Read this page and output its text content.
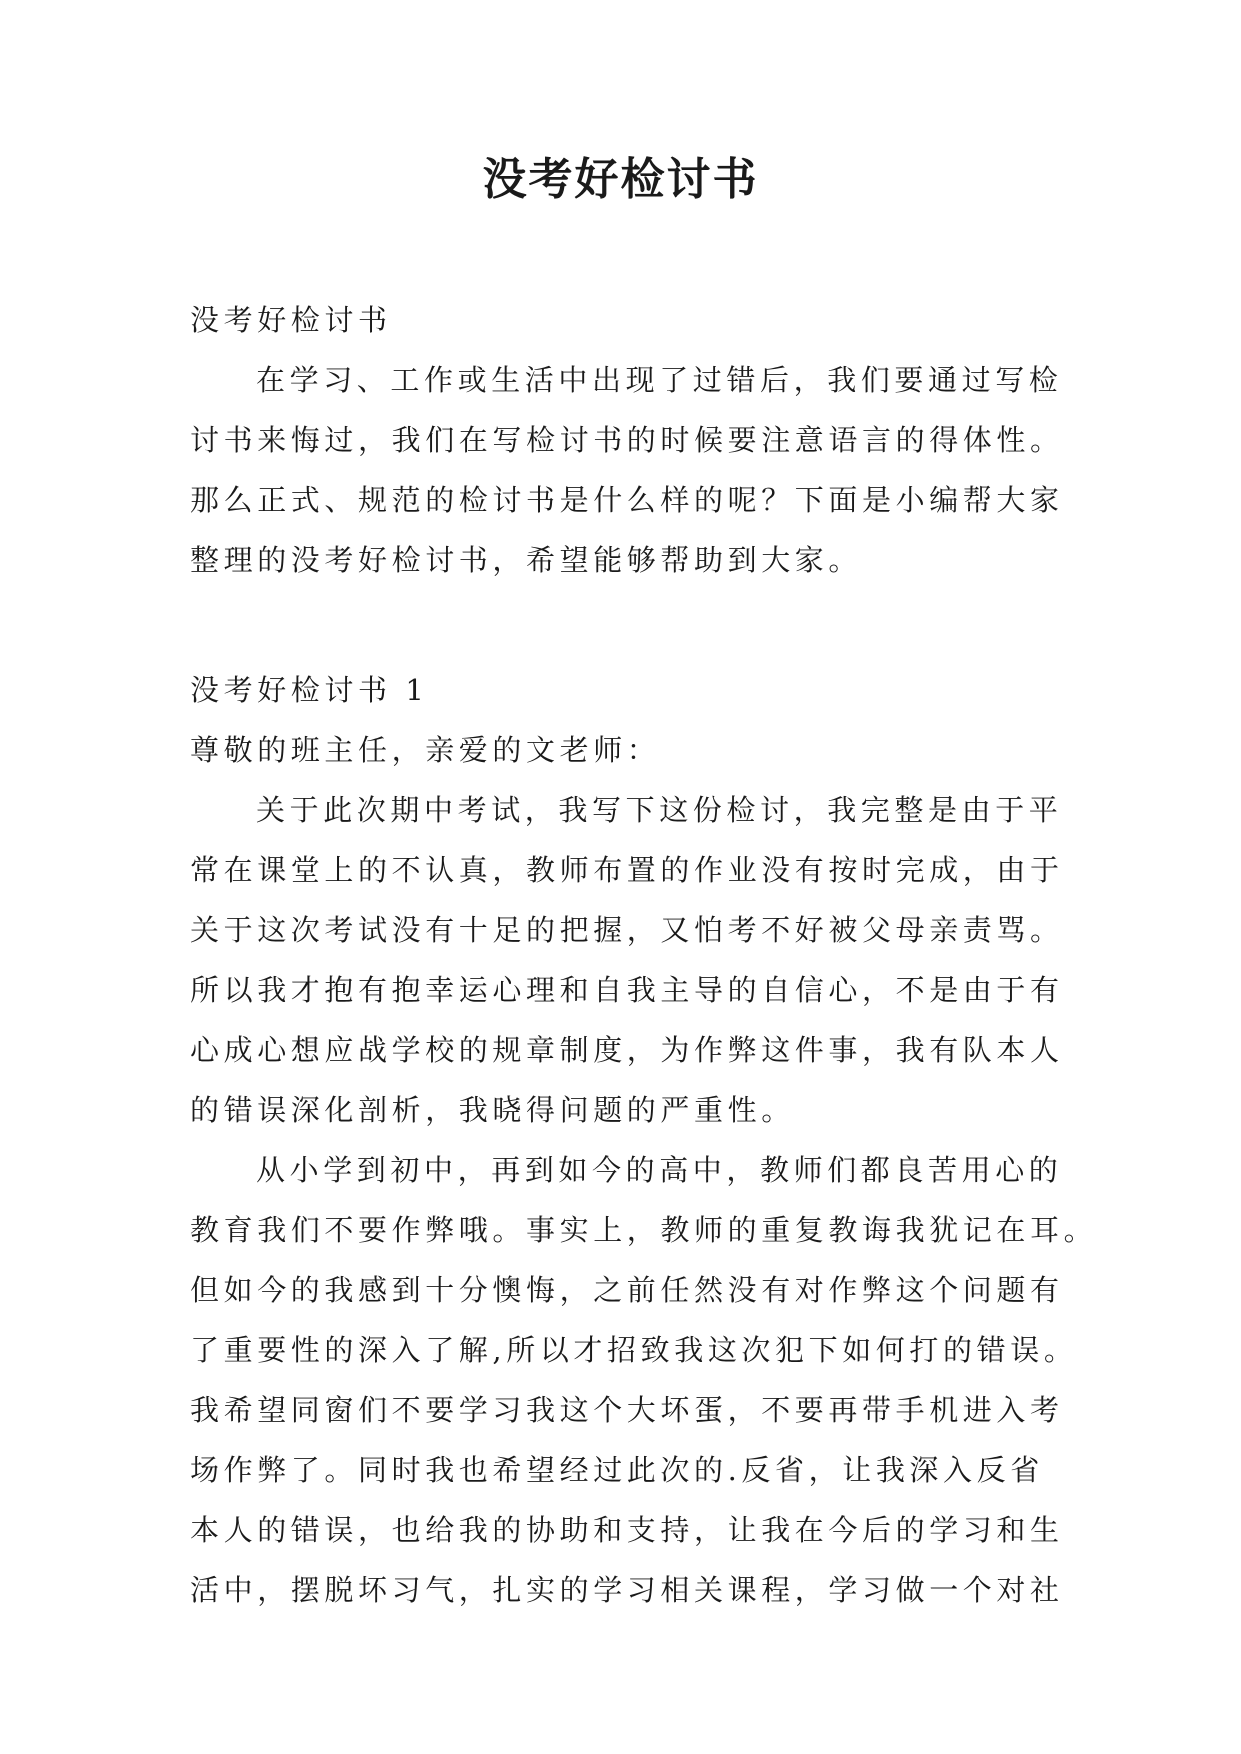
没考好检讨书
没考好检讨书
在学习、工作或生活中出现了过错后，我们要通过写检
讨书来悔过，我们在写检讨书的时候要注意语言的得体性。
那么正式、规范的检讨书是什么样的呢？下面是小编帮大家
整理的没考好检讨书，希望能够帮助到大家。
没考好检讨书 1
尊敬的班主任，亲爱的文老师：
关于此次期中考试，我写下这份检讨，我完整是由于平
常在课堂上的不认真，教师布置的作业没有按时完成，由于
关于这次考试没有十足的把握，又怕考不好被父母亲责骂。
所以我才抱有抱幸运心理和自我主导的自信心，不是由于有
心成心想应战学校的规章制度，为作弊这件事，我有队本人
的错误深化剖析，我晓得问题的严重性。
从小学到初中，再到如今的高中，教师们都良苦用心的
教育我们不要作弊哦。事实上，教师的重复教诲我犹记在耳。
但如今的我感到十分懊悔，之前任然没有对作弊这个问题有
了重要性的深入了解,所以才招致我这次犯下如何打的错误。
我希望同窗们不要学习我这个大坏蛋，不要再带手机进入考
场作弊了。同时我也希望经过此次的.反省，让我深入反省
本人的错误，也给我的协助和支持，让我在今后的学习和生
活中，摆脱坏习气，扎实的学习相关课程，学习做一个对社
